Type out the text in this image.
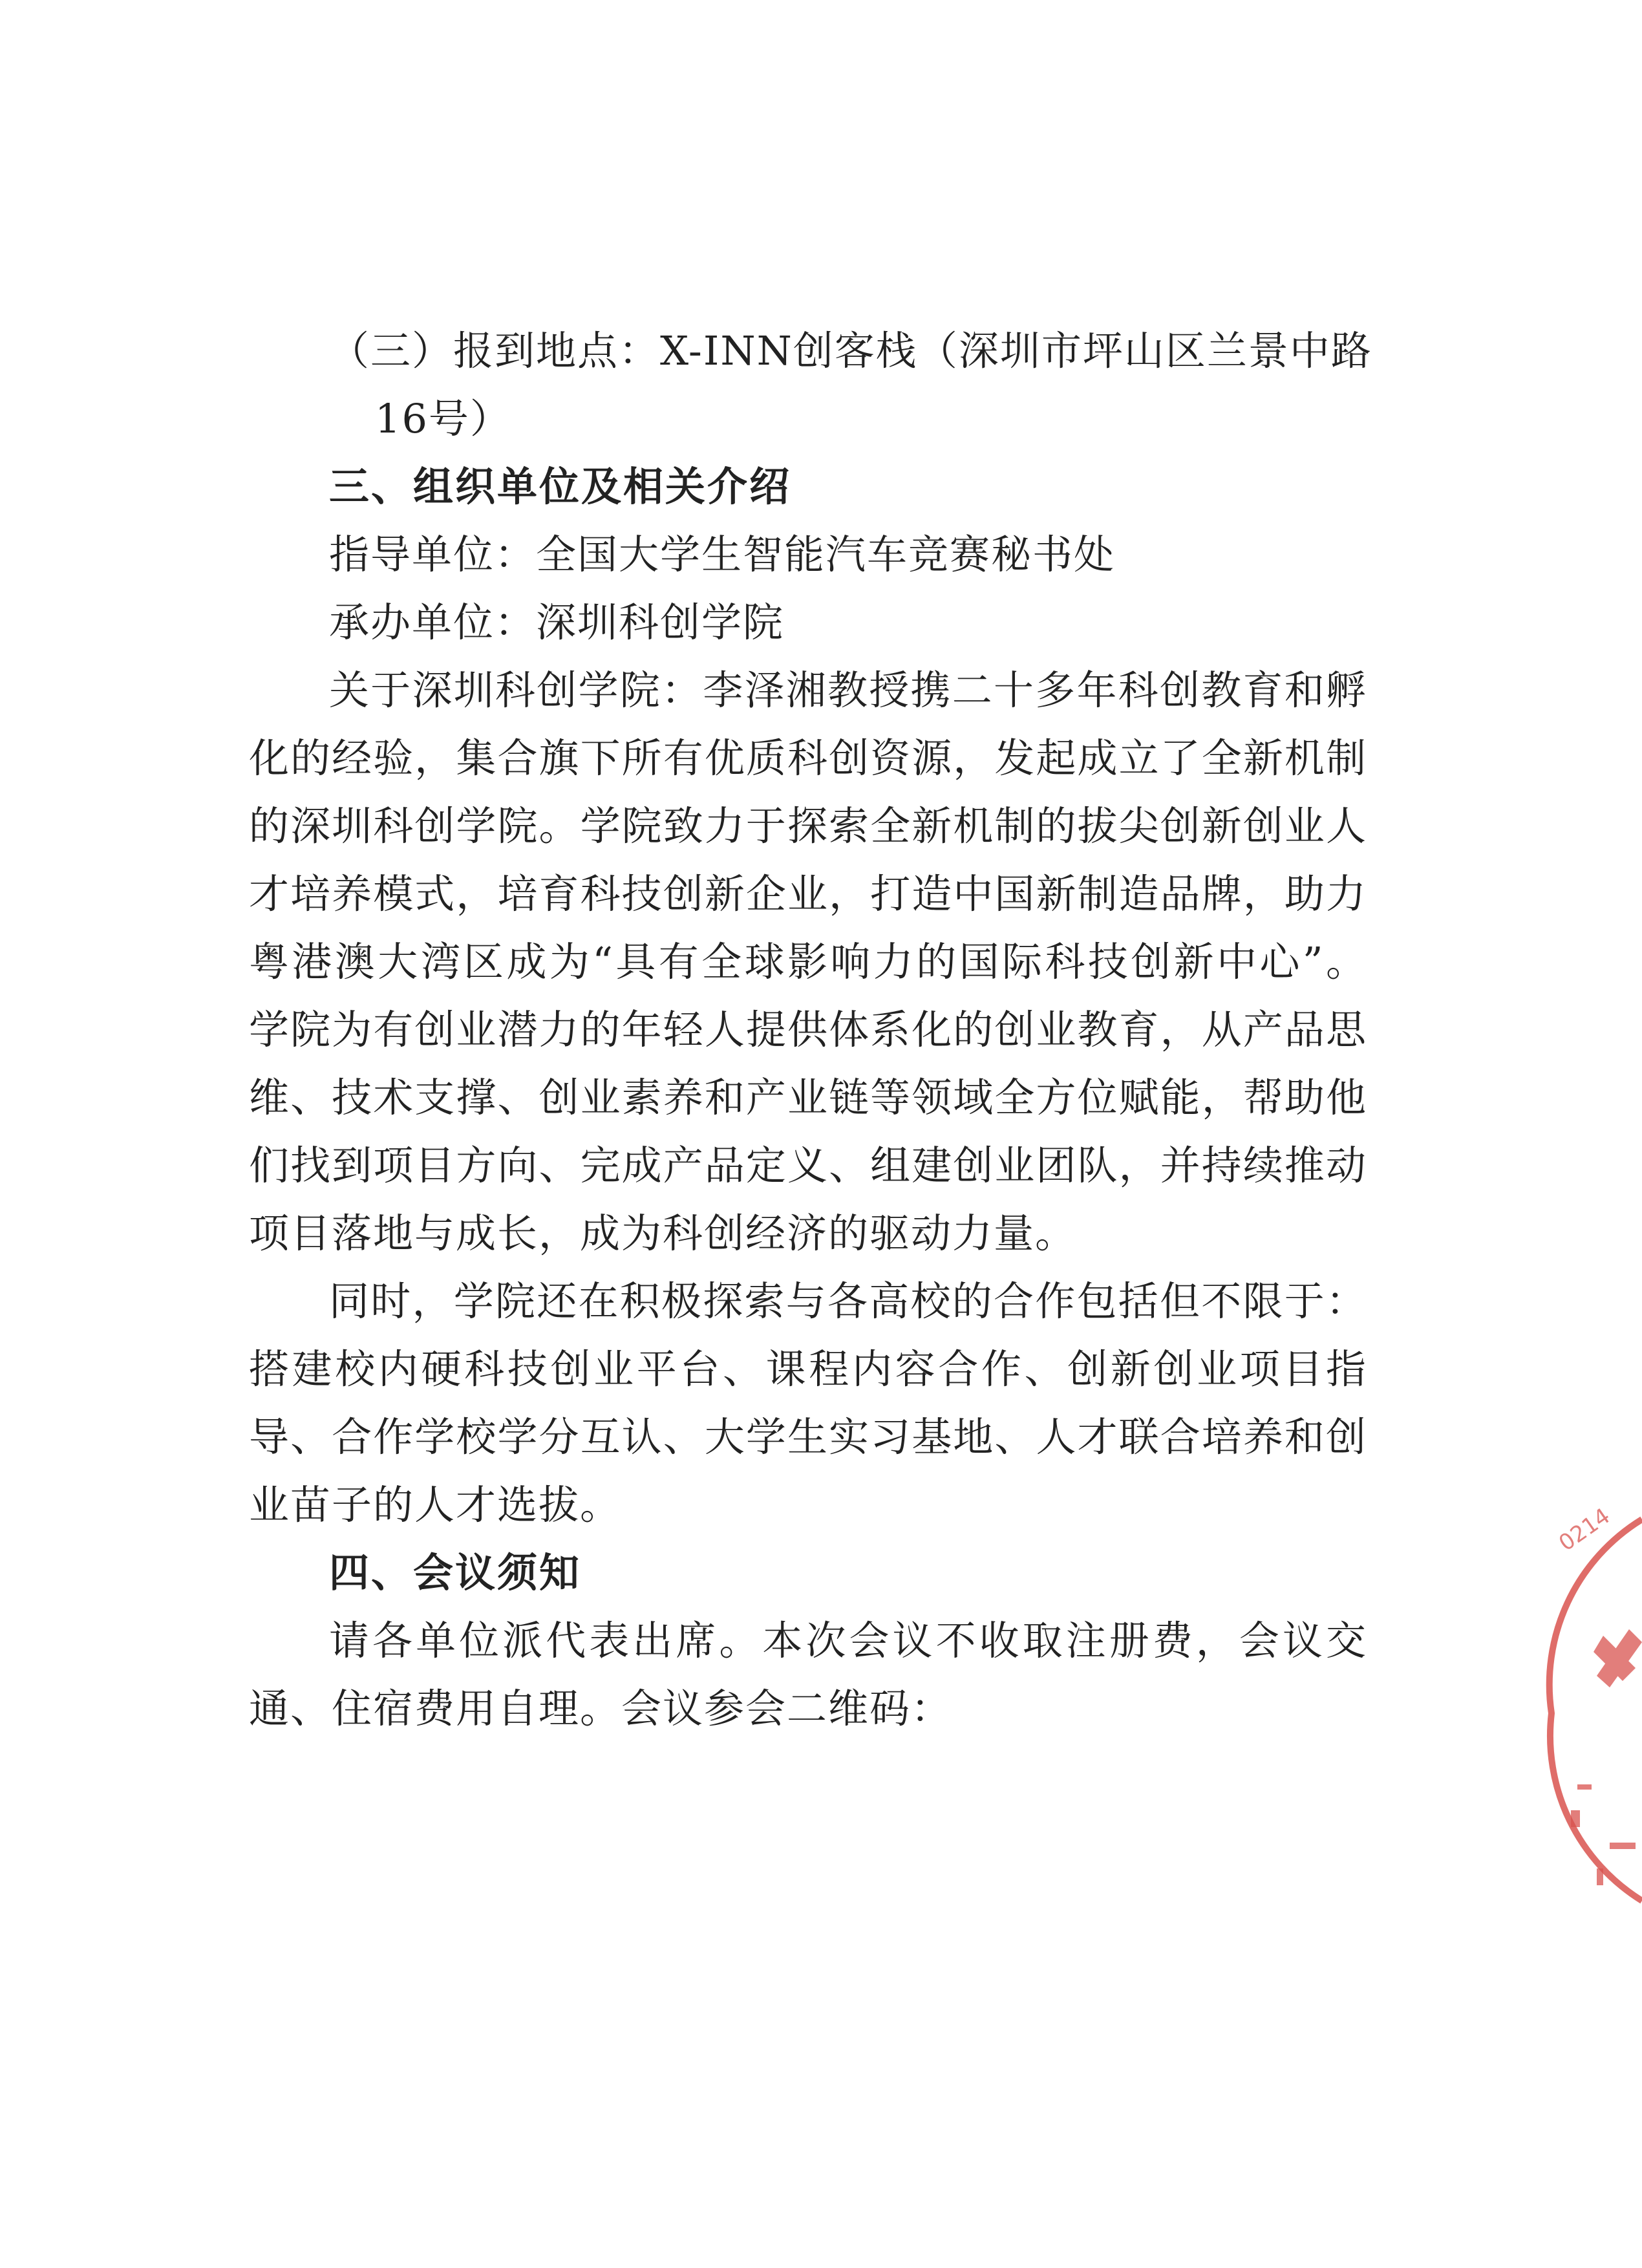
（三）报到地点：X-INN创客栈（深圳市坪山区兰景中路
16号）
三、组织单位及相关介绍
指导单位：全国大学生智能汽车竞赛秘书处
承办单位：深圳科创学院

关于深圳科创学院：李泽湘教授携二十多年科创教育和孵化的经验，集合旗下所有优质科创资源，发起成立了全新机制的深圳科创学院。学院致力于探索全新机制的拔尖创新创业人才培养模式，培育科技创新企业，打造中国新制造品牌，助力粤港澳大湾区成为“具有全球影响力的国际科技创新中心”。学院为有创业潜力的年轻人提供体系化的创业教育，从产品思维、技术支撑、创业素养和产业链等领域全方位赋能，帮助他们找到项目方向、完成产品定义、组建创业团队，并持续推动项目落地与成长，成为科创经济的驱动力量。

同时，学院还在积极探索与各高校的合作包括但不限于：搭建校内硬科技创业平台、课程内容合作、创新创业项目指导、合作学校学分互认、大学生实习基地、人才联合培养和创业苗子的人才选拔。

四、会议须知

请各单位派代表出席。本次会议不收取注册费，会议交通、住宿费用自理。会议参会二维码：

0214
